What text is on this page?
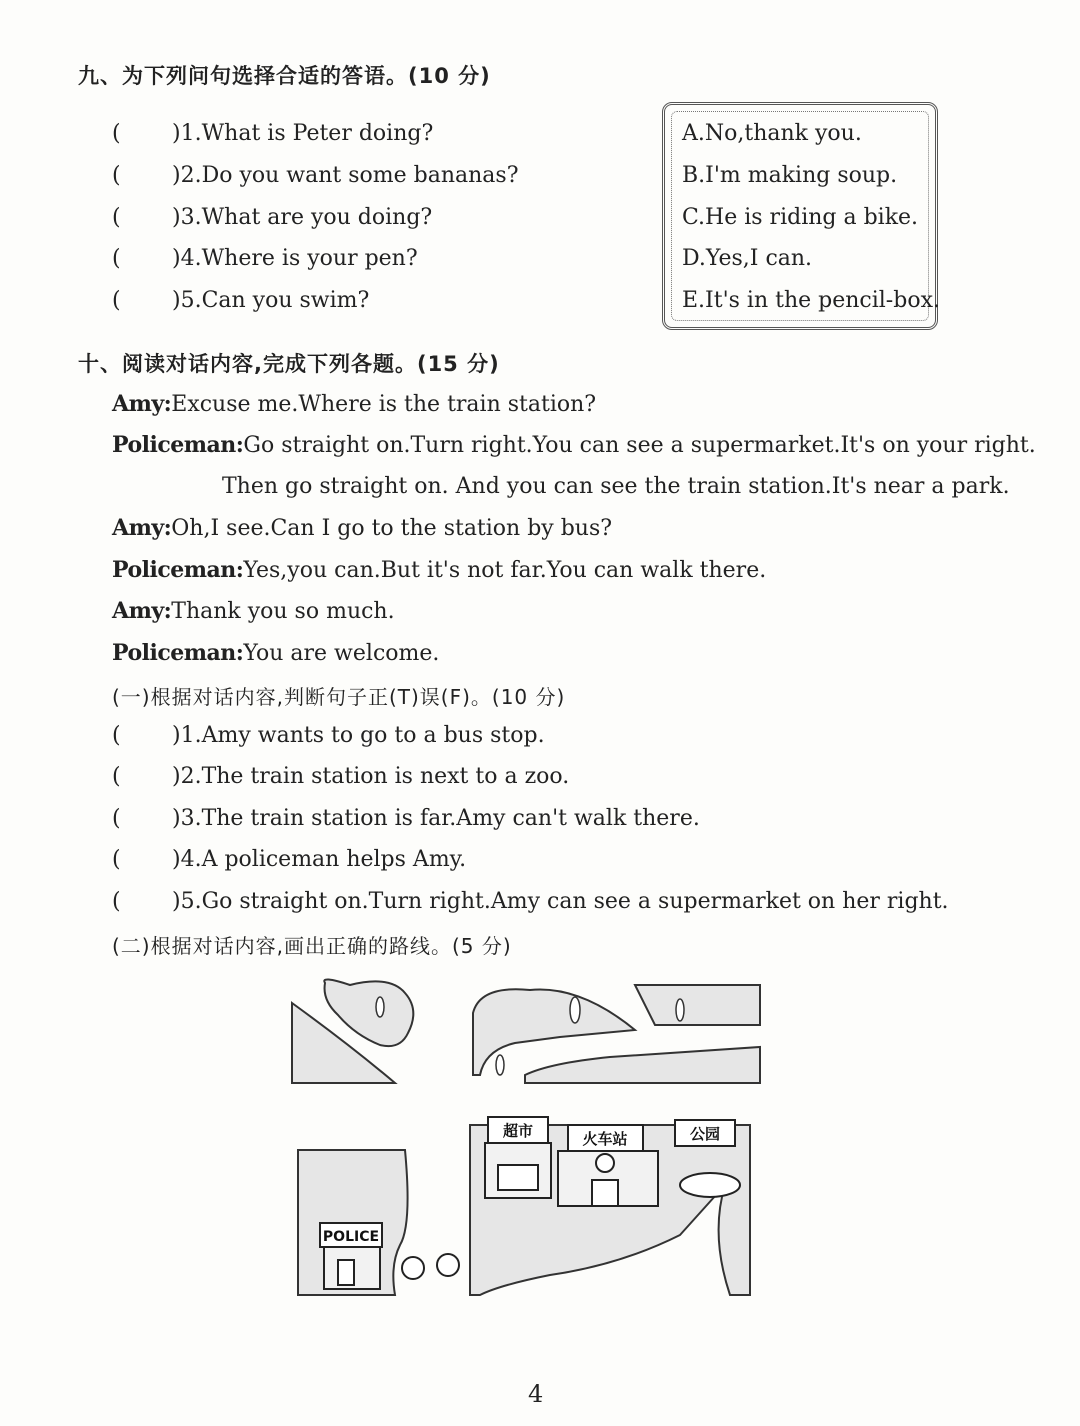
九、为下列问句选择合适的答语。(10 分)
( )1.What is Peter doing?
( )2.Do you want some bananas?
( )3.What are you doing?
( )4.Where is your pen?
( )5.Can you swim?
A.No,thank you.
B.I'm making soup.
C.He is riding a bike.
D.Yes,I can.
E.It's in the pencil-box.
十、阅读对话内容,完成下列各题。(15 分)
Amy:Excuse me.Where is the train station?
Policeman:Go straight on.Turn right.You can see a supermarket.It's on your right.
Then go straight on. And you can see the train station.It's near a park.
Amy:Oh,I see.Can I go to the station by bus?
Policeman:Yes,you can.But it's not far.You can walk there.
Amy:Thank you so much.
Policeman:You are welcome.
(一)根据对话内容,判断句子正(T)误(F)。(10 分)
( )1.Amy wants to go to a bus stop.
( )2.The train station is next to a zoo.
( )3.The train station is far.Amy can't walk there.
( )4.A policeman helps Amy.
( )5.Go straight on.Turn right.Amy can see a supermarket on her right.
(二)根据对话内容,画出正确的路线。(5 分)
超市	火车站	公园
POLICE
4
